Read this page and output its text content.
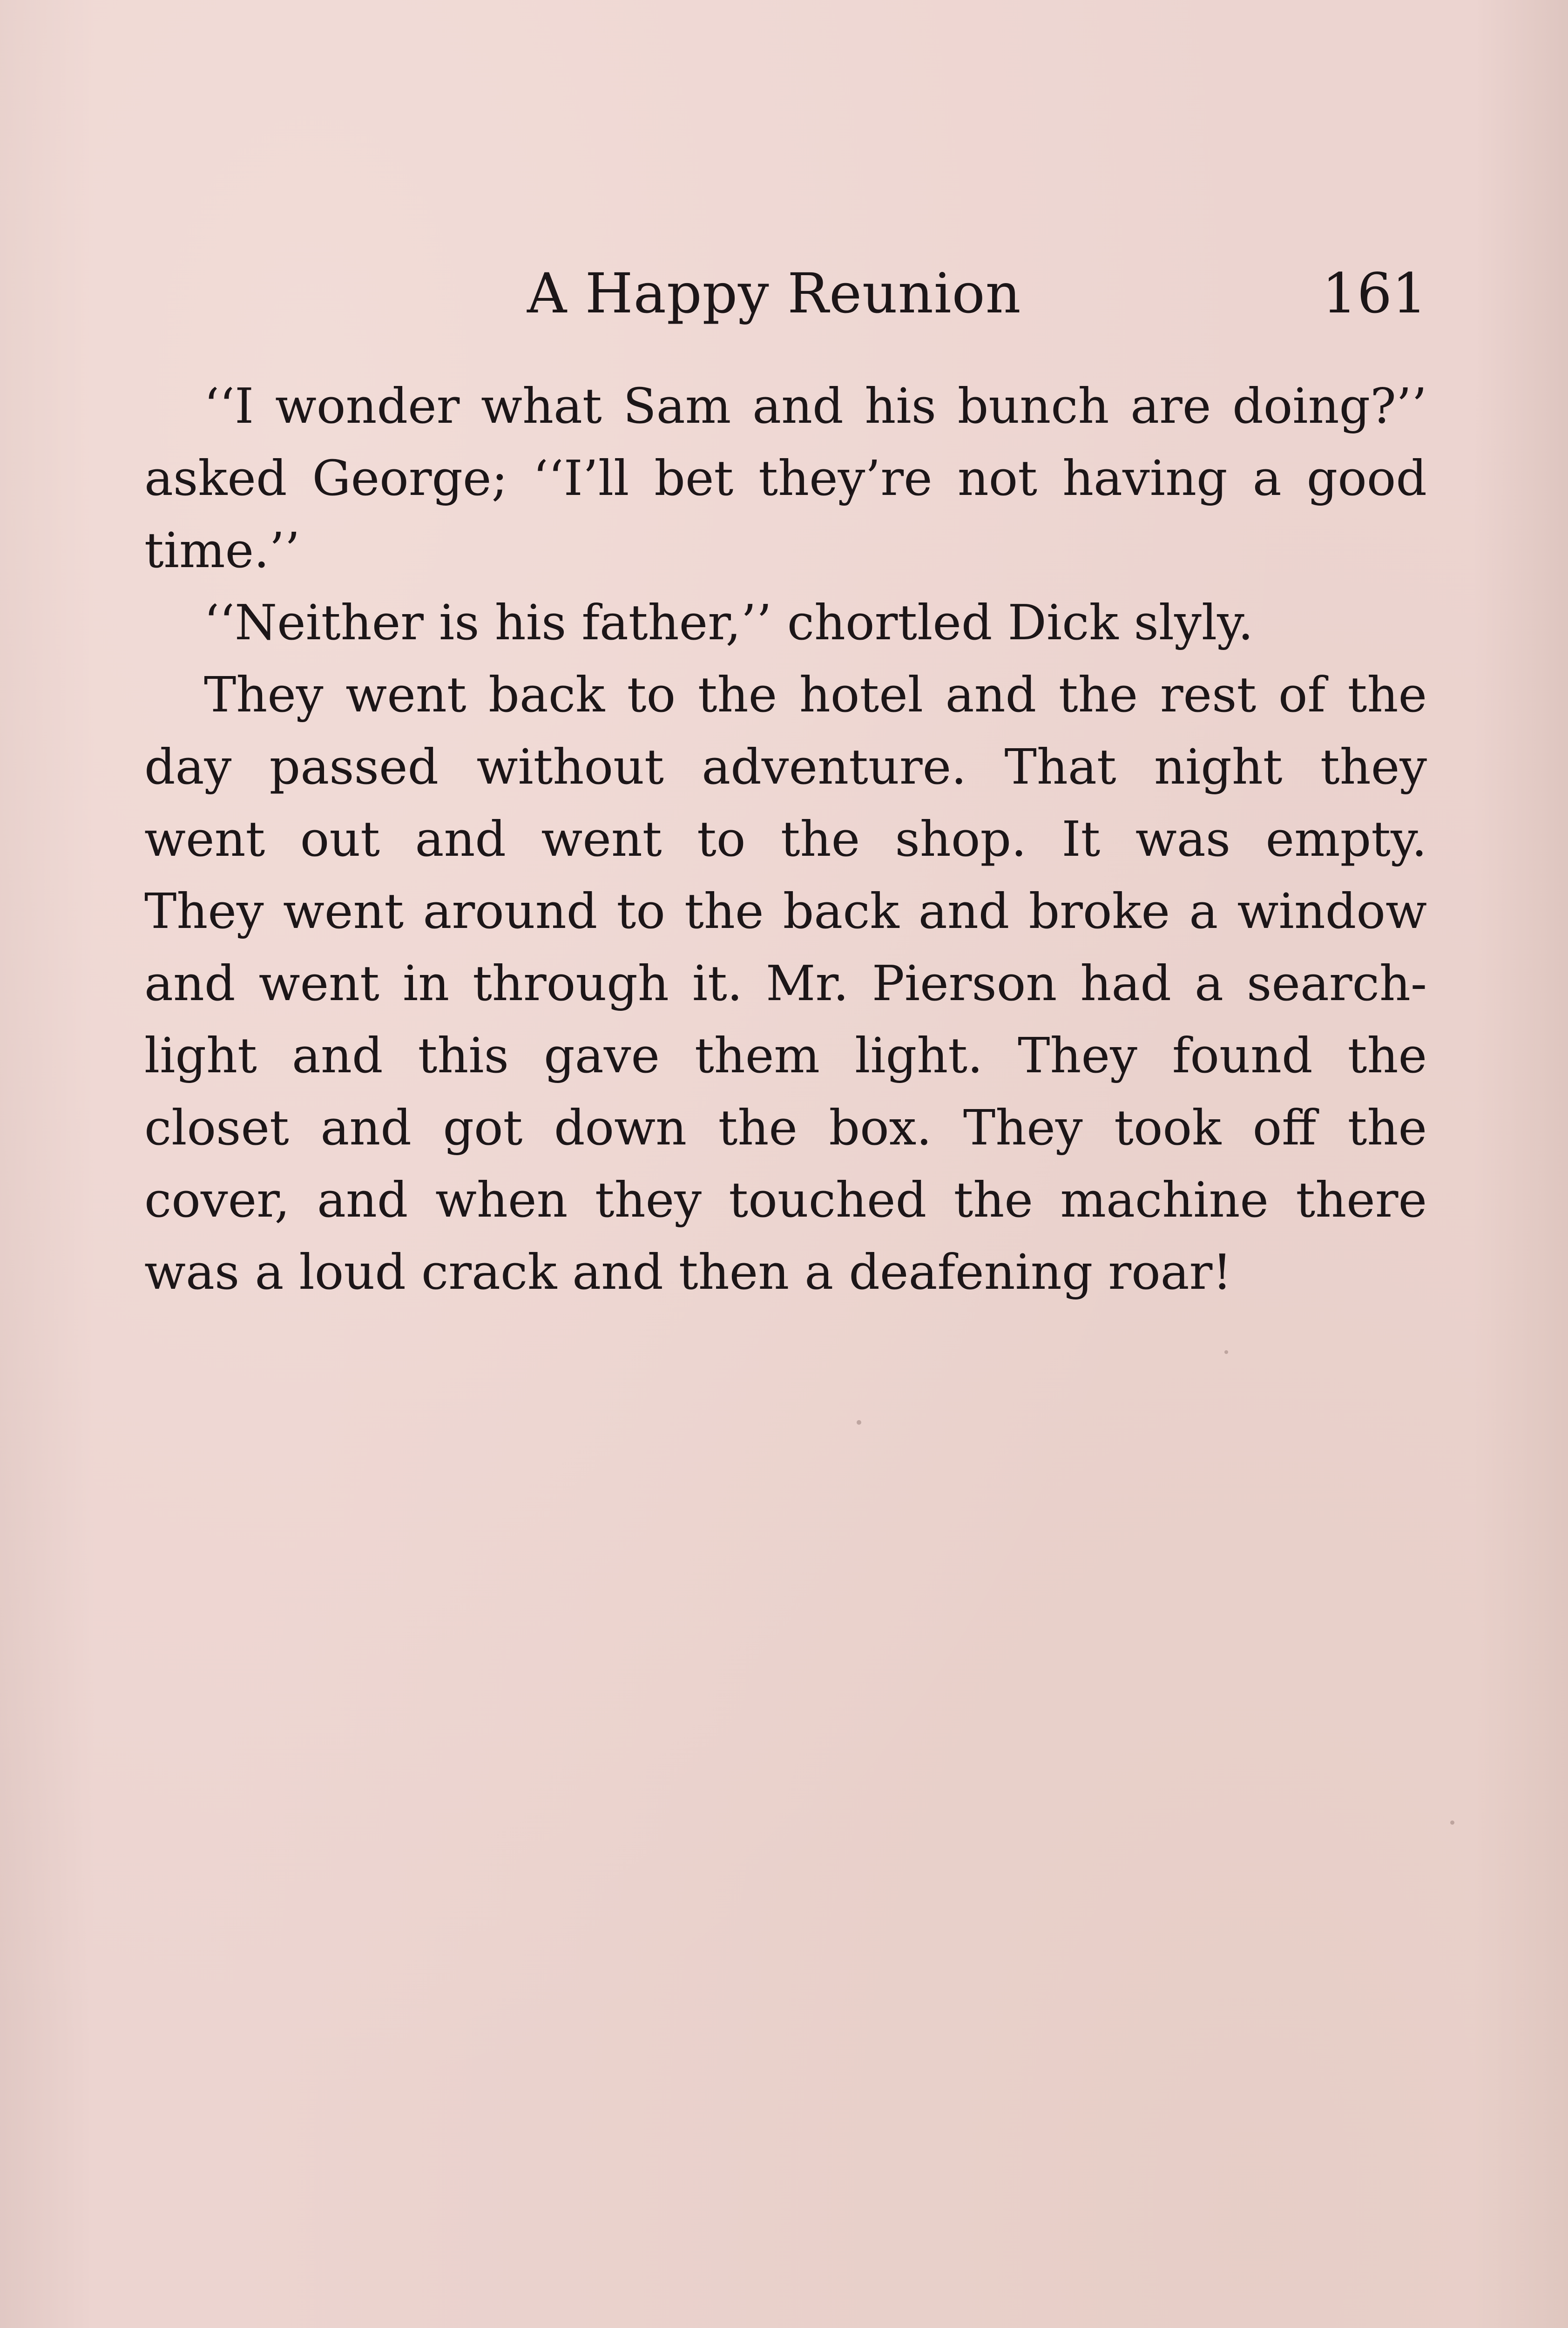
A Happy Reunion	161
‘‘I wonder what Sam and his bunch are doing?’’
asked George; ‘‘I’ll bet they’re not having a good
time.’’
‘‘Neither is his father,’’ chortled Dick slyly.
They went back to the hotel and the rest of the
day passed without adventure. That night they
went out and went to the shop. It was empty.
They went around to the back and broke a window
and went in through it. Mr. Pierson had a search-
light and this gave them light. They found the
closet and got down the box. They took off the
cover, and when they touched the machine there
was a loud crack and then a deafening roar!
